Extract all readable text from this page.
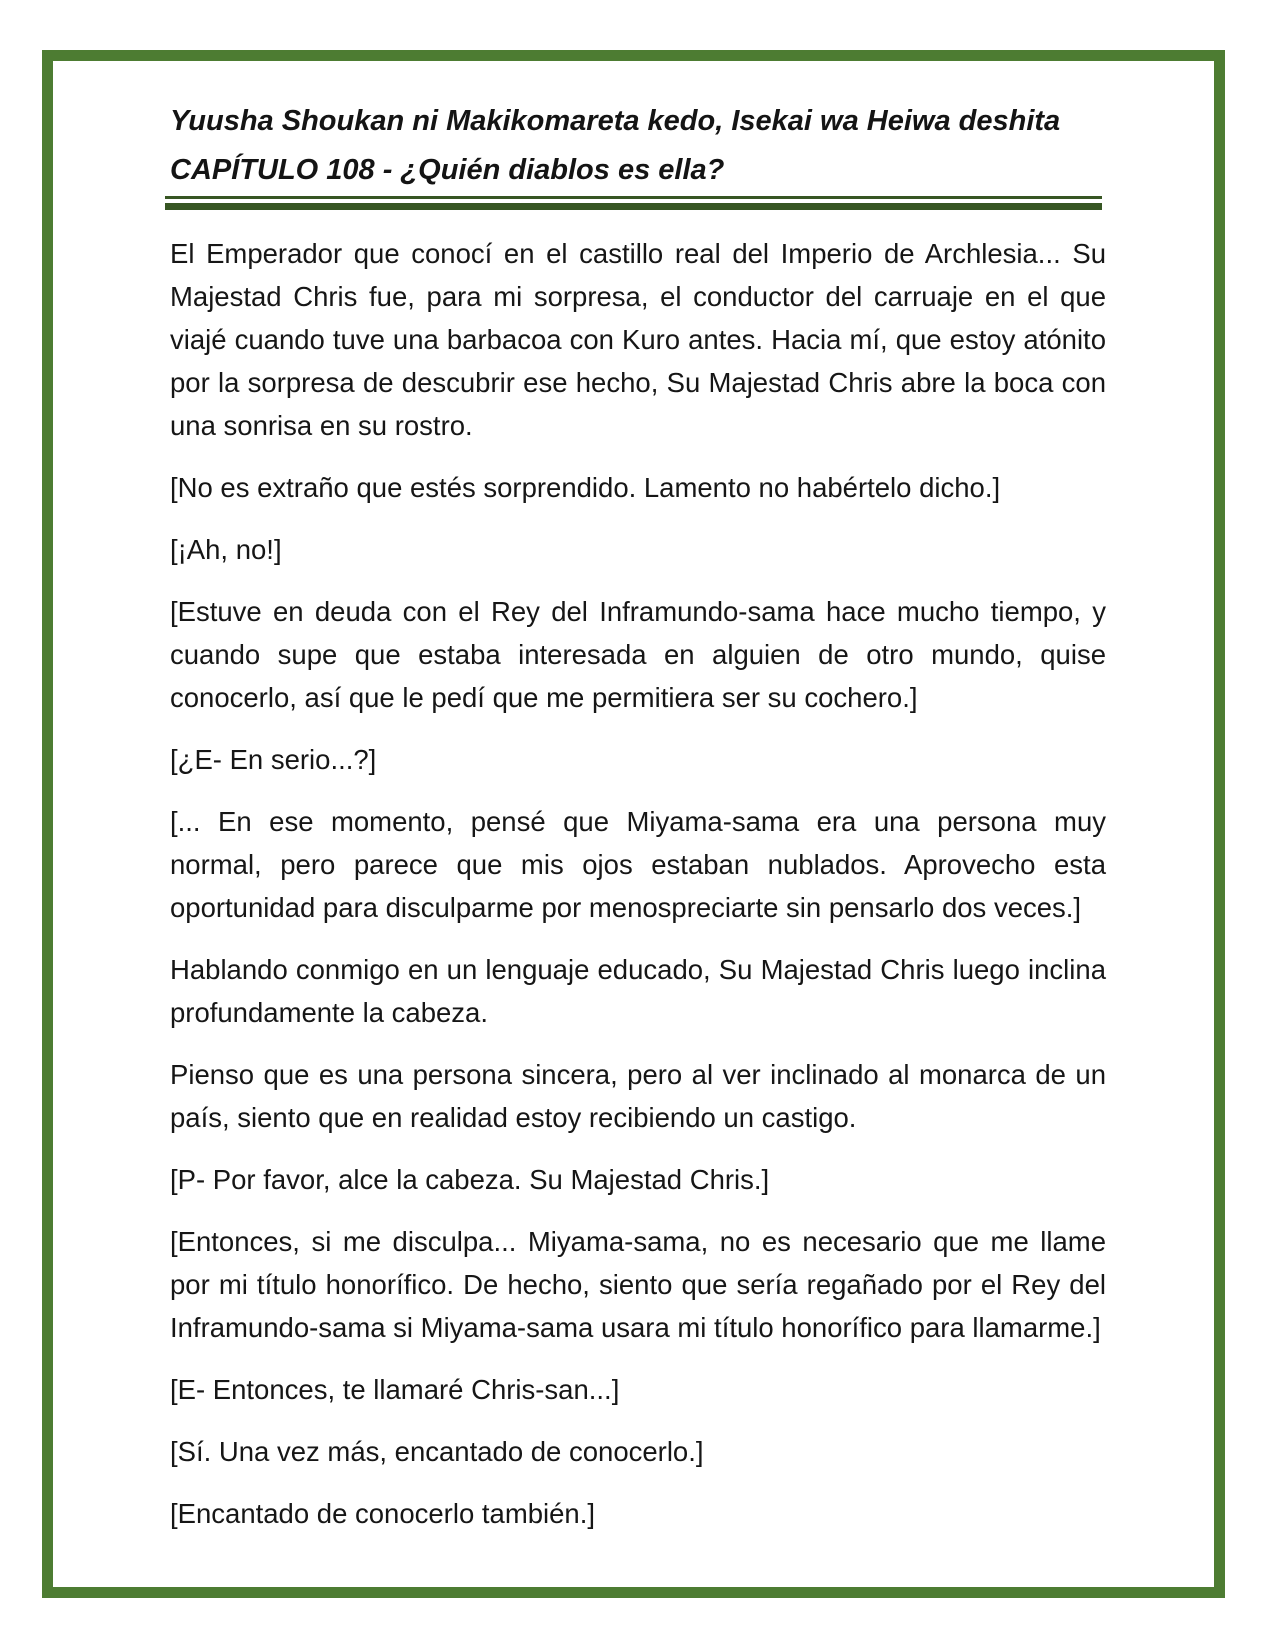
Yuusha Shoukan ni Makikomareta kedo, Isekai wa Heiwa deshita
CAPÍTULO 108 - ¿Quién diablos es ella?

El Emperador que conocí en el castillo real del Imperio de Archlesia... Su Majestad Chris fue, para mi sorpresa, el conductor del carruaje en el que viajé cuando tuve una barbacoa con Kuro antes. Hacia mí, que estoy atónito por la sorpresa de descubrir ese hecho, Su Majestad Chris abre la boca con una sonrisa en su rostro.

[No es extraño que estés sorprendido. Lamento no habértelo dicho.]

[¡Ah, no!]

[Estuve en deuda con el Rey del Inframundo-sama hace mucho tiempo, y cuando supe que estaba interesada en alguien de otro mundo, quise conocerlo, así que le pedí que me permitiera ser su cochero.]

[¿E- En serio...?]

[... En ese momento, pensé que Miyama-sama era una persona muy normal, pero parece que mis ojos estaban nublados. Aprovecho esta oportunidad para disculparme por menospreciarte sin pensarlo dos veces.]

Hablando conmigo en un lenguaje educado, Su Majestad Chris luego inclina profundamente la cabeza.

Pienso que es una persona sincera, pero al ver inclinado al monarca de un país, siento que en realidad estoy recibiendo un castigo.

[P- Por favor, alce la cabeza. Su Majestad Chris.]

[Entonces, si me disculpa... Miyama-sama, no es necesario que me llame por mi título honorífico. De hecho, siento que sería regañado por el Rey del Inframundo-sama si Miyama-sama usara mi título honorífico para llamarme.]

[E- Entonces, te llamaré Chris-san...]

[Sí. Una vez más, encantado de conocerlo.]

[Encantado de conocerlo también.]
